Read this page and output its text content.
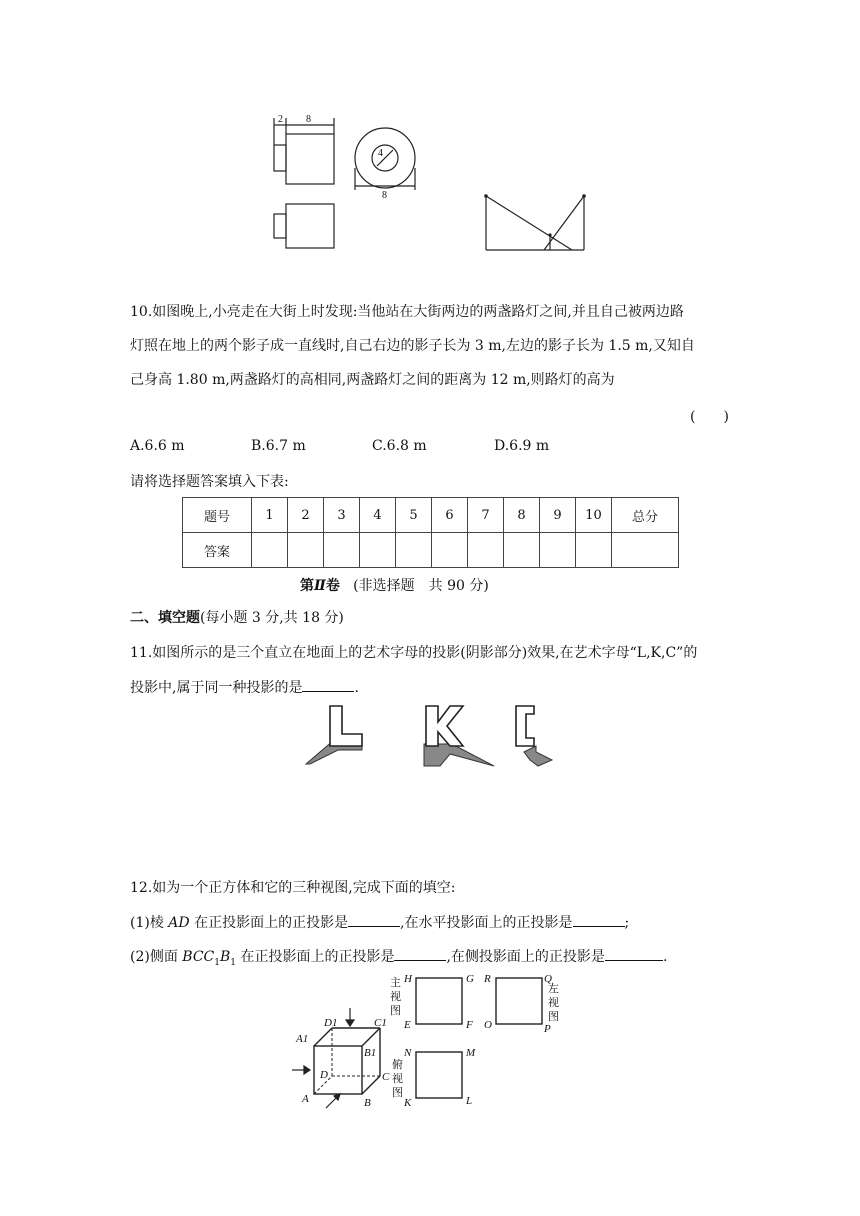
2 8
4
8
10.如图晚上,小亮走在大街上时发现:当他站在大街两边的两盏路灯之间,并且自己被两边路
灯照在地上的两个影子成一直线时,自己右边的影子长为 3 m,左边的影子长为 1.5 m,又知自
己身高 1.80 m,两盏路灯的高相同,两盏路灯之间的距离为 12 m,则路灯的高为
(　　)
A.6.6 m	B.6.7 m	C.6.8 m	D.6.9 m
请将选择题答案填入下表:
题号	1	2	3	4	5	6	7	8	9	10	总分
答案											
第Ⅱ卷 (非选择题　共 90 分)
二、填空题(每小题 3 分,共 18 分)
11.如图所示的是三个直立在地面上的艺术字母的投影(阴影部分)效果,在艺术字母“L,K,C”的
投影中,属于同一种投影的是	.
12.如为一个正方体和它的三种视图,完成下面的填空:
(1)棱 AD 在正投影面上的正投影是	,在水平投影面上的正投影是	;
(2)侧面 $BCC_1B_1$ 在正投影面上的正投影是	,在侧投影面上的正投影是	.
主
视
图
左
视
图
俯
视
图
H	G
E	F
R	Q
O	P
N	M
K	L
D1	C1
A1
B1
D	C
A	B
